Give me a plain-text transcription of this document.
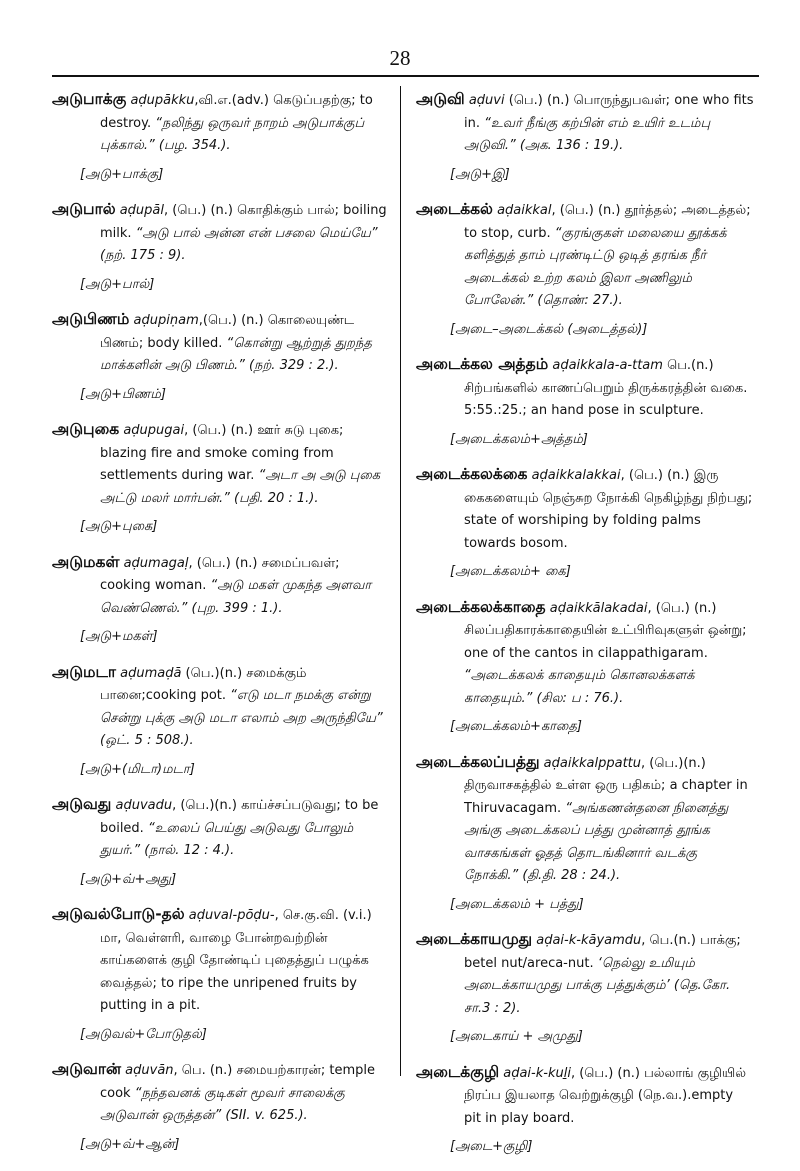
28

அடுபாக்கு aḍupākku,வி.எ.(adv.) கெடுப்பதற்கு; to destroy. “நலிந்து ஒருவர் நாறம் அடுபாக்குப் புக்கால்.” (பழ. 354.).

[அடு+பாக்கு]

அடுபால் aḍupāl, (பெ.) (n.) கொதிக்கும் பால்; boiling milk. “அடு பால் அன்ன என் பசலை மெய்யே” (நற். 175 : 9).

[அடு+பால்]

அடுபிணம் aḍupiṇam,(பெ.) (n.) கொலையுண்ட பிணம்; body killed. “கொன்று ஆற்றுத் துறந்த மாக்களின் அடு பிணம்.” (நற். 329 : 2.).

[அடு+பிணம்]

அடுபுகை aḍupugai, (பெ.) (n.) ஊர் சுடு புகை; blazing fire and smoke coming from settlements during war. “அடா அ அடு புகை அட்டு மலர் மார்பன்.” (பதி. 20 : 1.).

[அடு+புகை]

அடுமகள் aḍumagaḷ, (பெ.) (n.) சமைப்பவள்; cooking woman. “அடு மகள் முகந்த அளவா வெண்ணெல்.” (புற. 399 : 1.).

[அடு+மகள்]

அடுமடா aḍumaḍā (பெ.)(n.) சமைக்கும் பானை;cooking pot. “எடு மடா நமக்கு என்று சென்று புக்கு அடு மடா எலாம் அற அருந்தியே” (ஒட். 5 : 508.).

[அடு+(மிடா)மடா]

அடுவது aḍuvadu, (பெ.)(n.) காய்ச்சப்படுவது; to be boiled. “உலைப் பெய்து அடுவது போலும் துயர்.” (நால். 12 : 4.).

[அடு+வ்+அது]

அடுவல்போடு-தல் aḍuval-pōḍu-, செ.கு.வி. (v.i.) மா, வெள்ளரி, வாழை போன்றவற்றின் காய்களைக் குழி தோண்டிப் புதைத்துப் பழுக்க வைத்தல்; to ripe the unripened fruits by putting in a pit.

[அடுவல்+போடுதல்]

அடுவான் aḍuvān, பெ. (n.) சமையற்காரன்; temple cook “நந்தவனக் குடிகள் மூவர் சாலைக்கு அடுவான் ஒருத்தன்” (SII. v. 625.).

[அடு+வ்+ஆன்]

அடுவி aḍuvi (பெ.) (n.) பொருந்துபவள்; one who fits in. “உவர் நீங்கு கற்பின் எம் உயிர் உடம்பு அடுவி.” (அக. 136 : 19.).

[அடு+இ]

அடைக்கல் aḍaikkal, (பெ.) (n.) தூர்த்தல்; அடைத்தல்; to stop, curb. “குரங்குகள் மலையை தூக்கக் களித்துத் தாம் புரண்டிட்டு ஒடித் தரங்க நீர் அடைக்கல் உற்ற கலம் இலா அணிலும் போலேன்.” (தொண்: 27.).

[அடை–அடைக்கல் (அடைத்தல்)]

அடைக்கல அத்தம் aḍaikkala-a-ttam பெ.(n.) சிற்பங்களில் காணப்பெறும் திருக்கரத்தின் வகை. 5:55.:25.; an hand pose in sculpture.

[அடைக்கலம்+அத்தம்]

அடைக்கலக்கை aḍaikkalakkai, (பெ.) (n.) இரு கைகளையும் நெஞ்சுற நோக்கி நெகிழ்ந்து நிற்பது; state of worshiping by folding palms towards bosom.

[அடைக்கலம்+ கை]

அடைக்கலக்காதை aḍaikkālakadai, (பெ.) (n.) சிலப்பதிகாரக்காதையின் உட்பிரிவுகளுள் ஒன்று; one of the cantos in cilappathigaram. “அடைக்கலக் காதையும் கொனலக்களக் காதையும்.” (சில: ப : 76.).

[அடைக்கலம்+காதை]

அடைக்கலப்பத்து aḍaikkalppattu, (பெ.)(n.) திருவாசகத்தில் உள்ள ஒரு பதிகம்; a chapter in Thiruvacagam. “அங்கணன்தனை நினைத்து அங்கு அடைக்கலப் பத்து முன்னாத் தூங்க வாசகங்கள் ஓதத் தொடங்கினார் வடக்கு நோக்கி.” (தி.தி. 28 : 24.).

[அடைக்கலம் + பத்து]

அடைக்காயமுது aḍai-k-kāyamdu, பெ.(n.) பாக்கு; betel nut/areca-nut. ‘நெல்லு உமியும் அடைக்காயமுது பாக்கு பத்துக்கும்’ (தெ.கோ. சா.3 : 2).

[அடைகாய் + அமுது]

அடைக்குழி aḍai-k-kuḻi, (பெ.) (n.) பல்லாங் குழியில் நிரப்ப இயலாத வெற்றுக்குழி (நெ.வ.).empty pit in play board.

[அடை+குழி]
